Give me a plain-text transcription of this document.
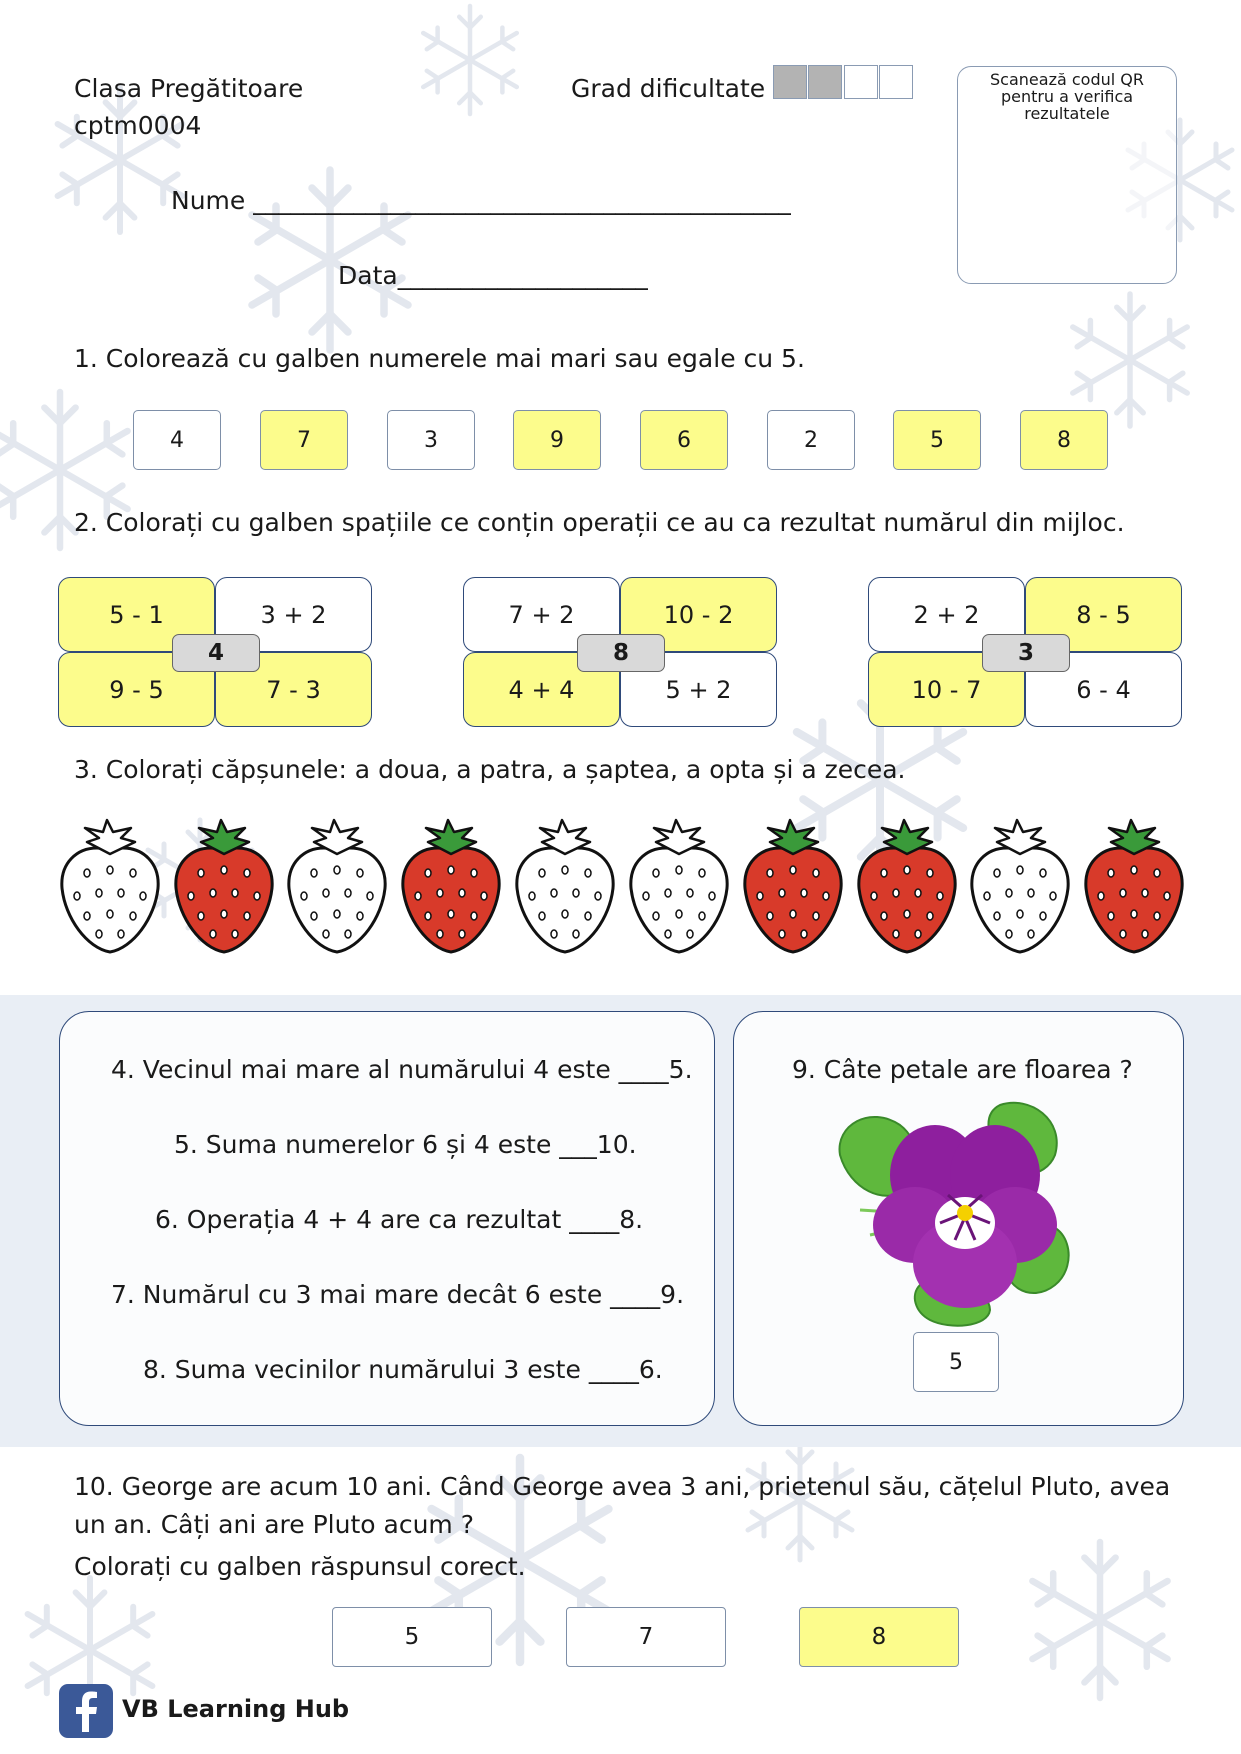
Clasa Pregătitoare
cptm0004
Grad dificultate	Scanează codul QR pentru a verifica rezultatele
Nume ___________________________________________
Data____________________
1. Colorează cu galben numerele mai mari sau egale cu 5.
2. Colorați cu galben spațiile ce conțin operații ce au ca rezultat numărul din mijloc.
3. Colorați căpșunele: a doua, a patra, a șaptea, a opta și a zecea.
4. Vecinul mai mare al numărului 4 este ____5.
5. Suma numerelor 6 și 4 este ___10.
6. Operația 4 + 4 are ca rezultat ____8.
7. Numărul cu 3 mai mare decât 6 este ____9.
8. Suma vecinilor numărului 3 este ____6.
9. Câte petale are floarea ?
5
10. George are acum 10 ani. Când George avea 3 ani, prietenul său, cățelul Pluto, avea
un an. Câți ani are Pluto acum ?
Colorați cu galben răspunsul corect.
VB Learning Hub
4	7	3	9	6	2	5	8
5 - 1	3 + 2
9 - 5	7 - 3
4
7 + 2	10 - 2
4 + 4	5 + 2
8
2 + 2	8 - 5
10 - 7	6 - 4
3
5	7	8
